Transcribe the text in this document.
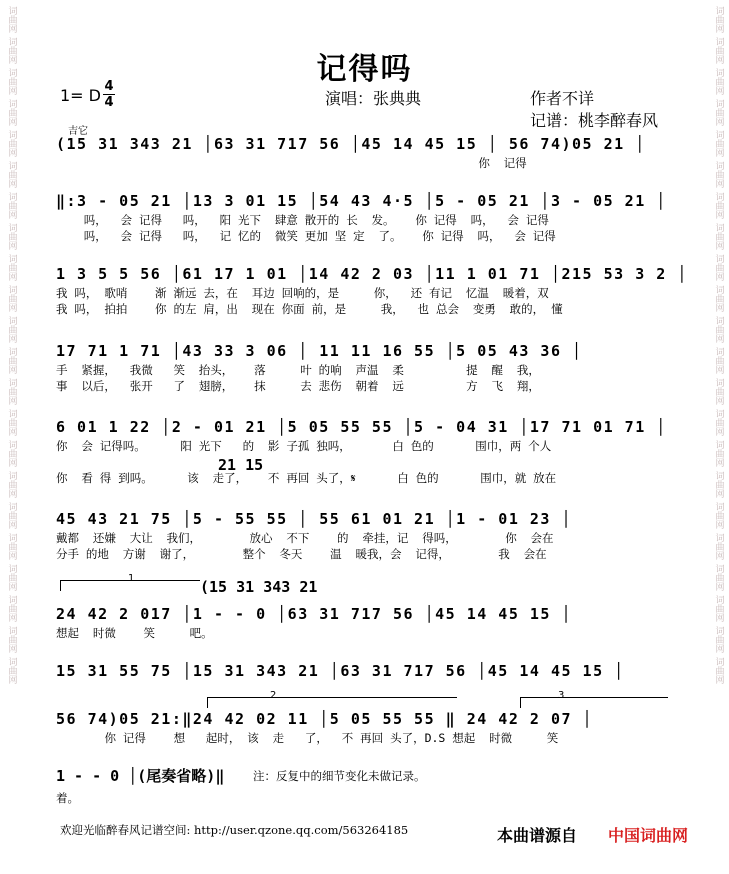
词曲网
词曲网
词曲网
词曲网
词曲网
词曲网
词曲网
词曲网
词曲网
词曲网
词曲网
词曲网
词曲网
词曲网
词曲网
词曲网
词曲网
词曲网
词曲网
词曲网
词曲网
词曲网
词曲网
词曲网
词曲网
词曲网
词曲网
词曲网
词曲网
词曲网
词曲网
词曲网
词曲网
词曲网
词曲网
词曲网
词曲网
词曲网
词曲网
词曲网
词曲网
词曲网
词曲网
词曲网
记得吗
1= D 4
4	演唱：张典典	作者不详
记谱：桃李醉春风
吉它
(15 31 343 21 │63 31 717 56 │45 14 45 15 │ 56 74)05 21 │
你  记得
‖:3 - 05 21 │13 3 01 15 │54 43 4·5 │5 - 05 21 │3 - 05 21 │
吗，  会 记得   吗，  阳 光下  肆意 散开的 长  发。   你 记得  吗，  会 记得
吗，  会 记得   吗，  记 忆的  微笑 更加 坚 定  了。   你 记得  吗，  会 记得
1 3 5 5 56 │61 17 1 01 │14 42 2 03 │11 1 01 71 │215 53 3 2 │
我 吗， 歌哨    渐 渐远 去，在  耳边 回响的，是     你，  还 有记  忆温  暖着，双
我 吗， 拍拍    你 的左 肩，出  现在 你面 前，是     我，  也 总会  变勇  敢的， 懂
17 71 1 71 │43 33 3 06 │ 11 11 16 55 │5 05 43 36 │
手  紧握，  我微   笑  抬头，   落     叶 的响  声温  柔         提  醒  我，
事  以后，  张开   了  翅膀，   抹     去 悲伤  朝着  远         方  飞  翔，
6 01 1 22 │2 - 01 21 │5 05 55 55 │5 - 04 31 │17 71 01 71 │
你  会 记得吗。     阳 光下   的  影 子孤 独吗，      白 色的      围巾，两 个人
你  看 得 到吗。     该  走了，   不 再回 头了，𝄋      白 色的      围巾，就 放在
21 15
45 43 21 75 │5 - 55 55 │ 55 61 01 21 │1 - 01 23 │
戴都  还嫌  大让  我们，       放心  不下    的  牵挂，记  得吗，       你  会在
分手 的地  方谢  谢了，       整个  冬天    温  暖我，会  记得，       我  会在
1	(15 31 343 21
24 42 2 017 │1 - - 0 │63 31 717 56 │45 14 45 15 │
想起  时微    笑     吧。
15 31 55 75 │15 31 343 21 │63 31 717 56 │45 14 45 15 │
2	3
56 74)05 21:‖24 42 02 11 │5 05 55 55 ‖ 24 42 2 07 │
你 记得    想   起时， 该  走   了，  不 再回 头了，D.S 想起  时微     笑
1 - - 0 │(尾奏省略)‖
着。
注：反复中的细节变化未做记录。
欢迎光临醉春风记谱空间: http://user.qzone.qq.com/563264185	本曲谱源自 中国词曲网
